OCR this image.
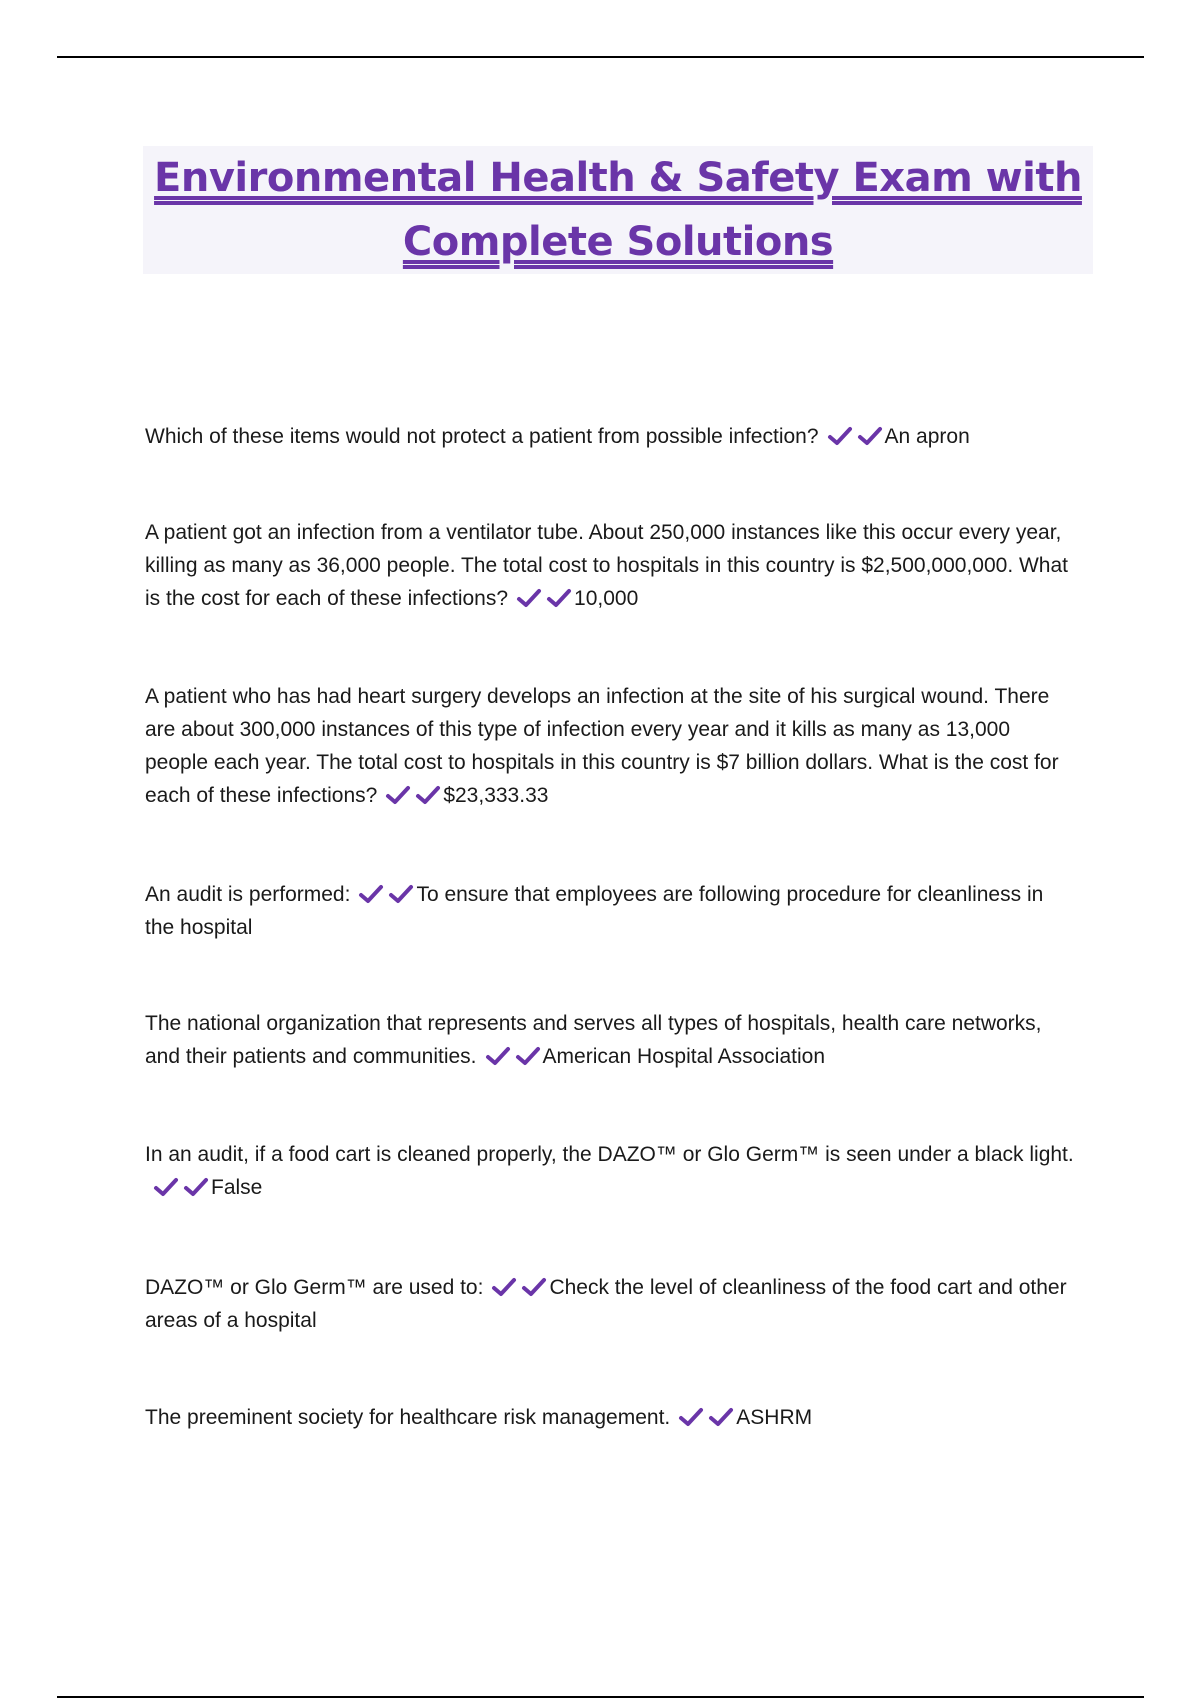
Environmental Health & Safety Exam with Complete Solutions
Which of these items would not protect a patient from possible infection?	An apron
A patient got an infection from a ventilator tube. About 250,000 instances like this occur every year, killing as many as 36,000 people. The total cost to hospitals in this country is $2,500,000,000. What is the cost for each of these infections?	10,000
A patient who has had heart surgery develops an infection at the site of his surgical wound. There are about 300,000 instances of this type of infection every year and it kills as many as 13,000 people each year. The total cost to hospitals in this country is $7 billion dollars. What is the cost for each of these infections?	$23,333.33
An audit is performed:	To ensure that employees are following procedure for cleanliness in the hospital
The national organization that represents and serves all types of hospitals, health care networks, and their patients and communities.	American Hospital Association
In an audit, if a food cart is cleaned properly, the DAZO™ or Glo Germ™ is seen under a black light.
False
DAZO™ or Glo Germ™ are used to:	Check the level of cleanliness of the food cart and other areas of a hospital
The preeminent society for healthcare risk management.	ASHRM
